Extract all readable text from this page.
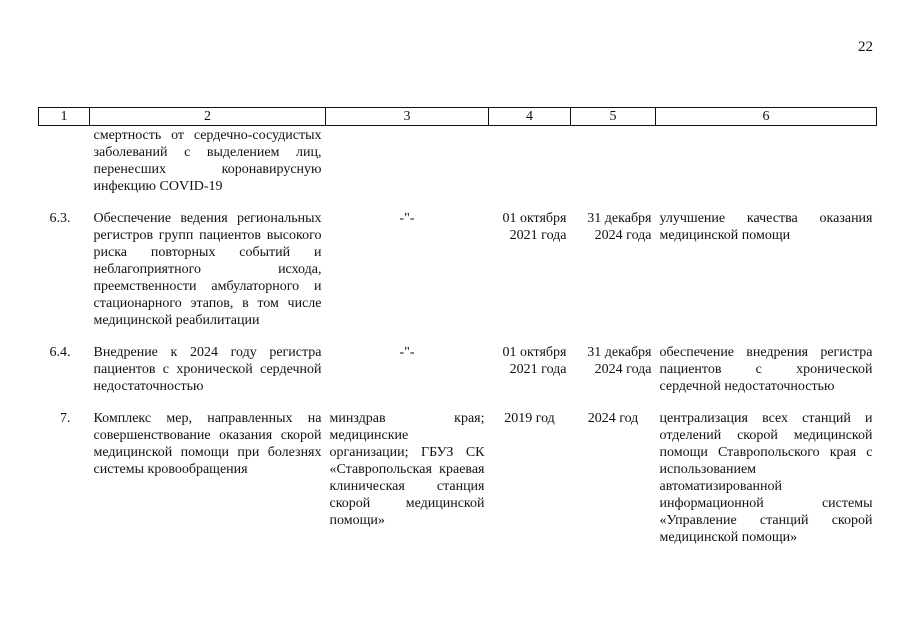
22
1	2	3	4	5	6
	смертность от сердечно-сосудистых заболеваний с выделением лиц, перенесших коронавирусную инфекцию COVID-19				
6.3.	Обеспечение ведения региональных регистров групп пациентов высокого риска повторных событий и неблагоприятного исхода, преемственности амбулаторного и стационарного этапов, в том числе медицинской реабилитации	-"-	01 октября 2021 года	31 декабря 2024 года	улучшение качества оказания медицинской помощи
6.4.	Внедрение к 2024 году регистра пациентов с хронической сердечной недостаточностью	-"-	01 октября 2021 года	31 декабря 2024 года	обеспечение внедрения регистра пациентов с хронической сердечной недостаточностью
7.	Комплекс мер, направленных на совершенствование оказания скорой медицинской помощи при болезнях системы кровообращения	минздрав края; медицинские организации; ГБУЗ СК «Ставропольская краевая клиническая станция скорой медицинской помощи»	2019 год	2024 год	централизация всех станций и отделений скорой медицинской помощи Ставропольского края с использованием автоматизированной информационной системы «Управление станций скорой медицинской помощи»
